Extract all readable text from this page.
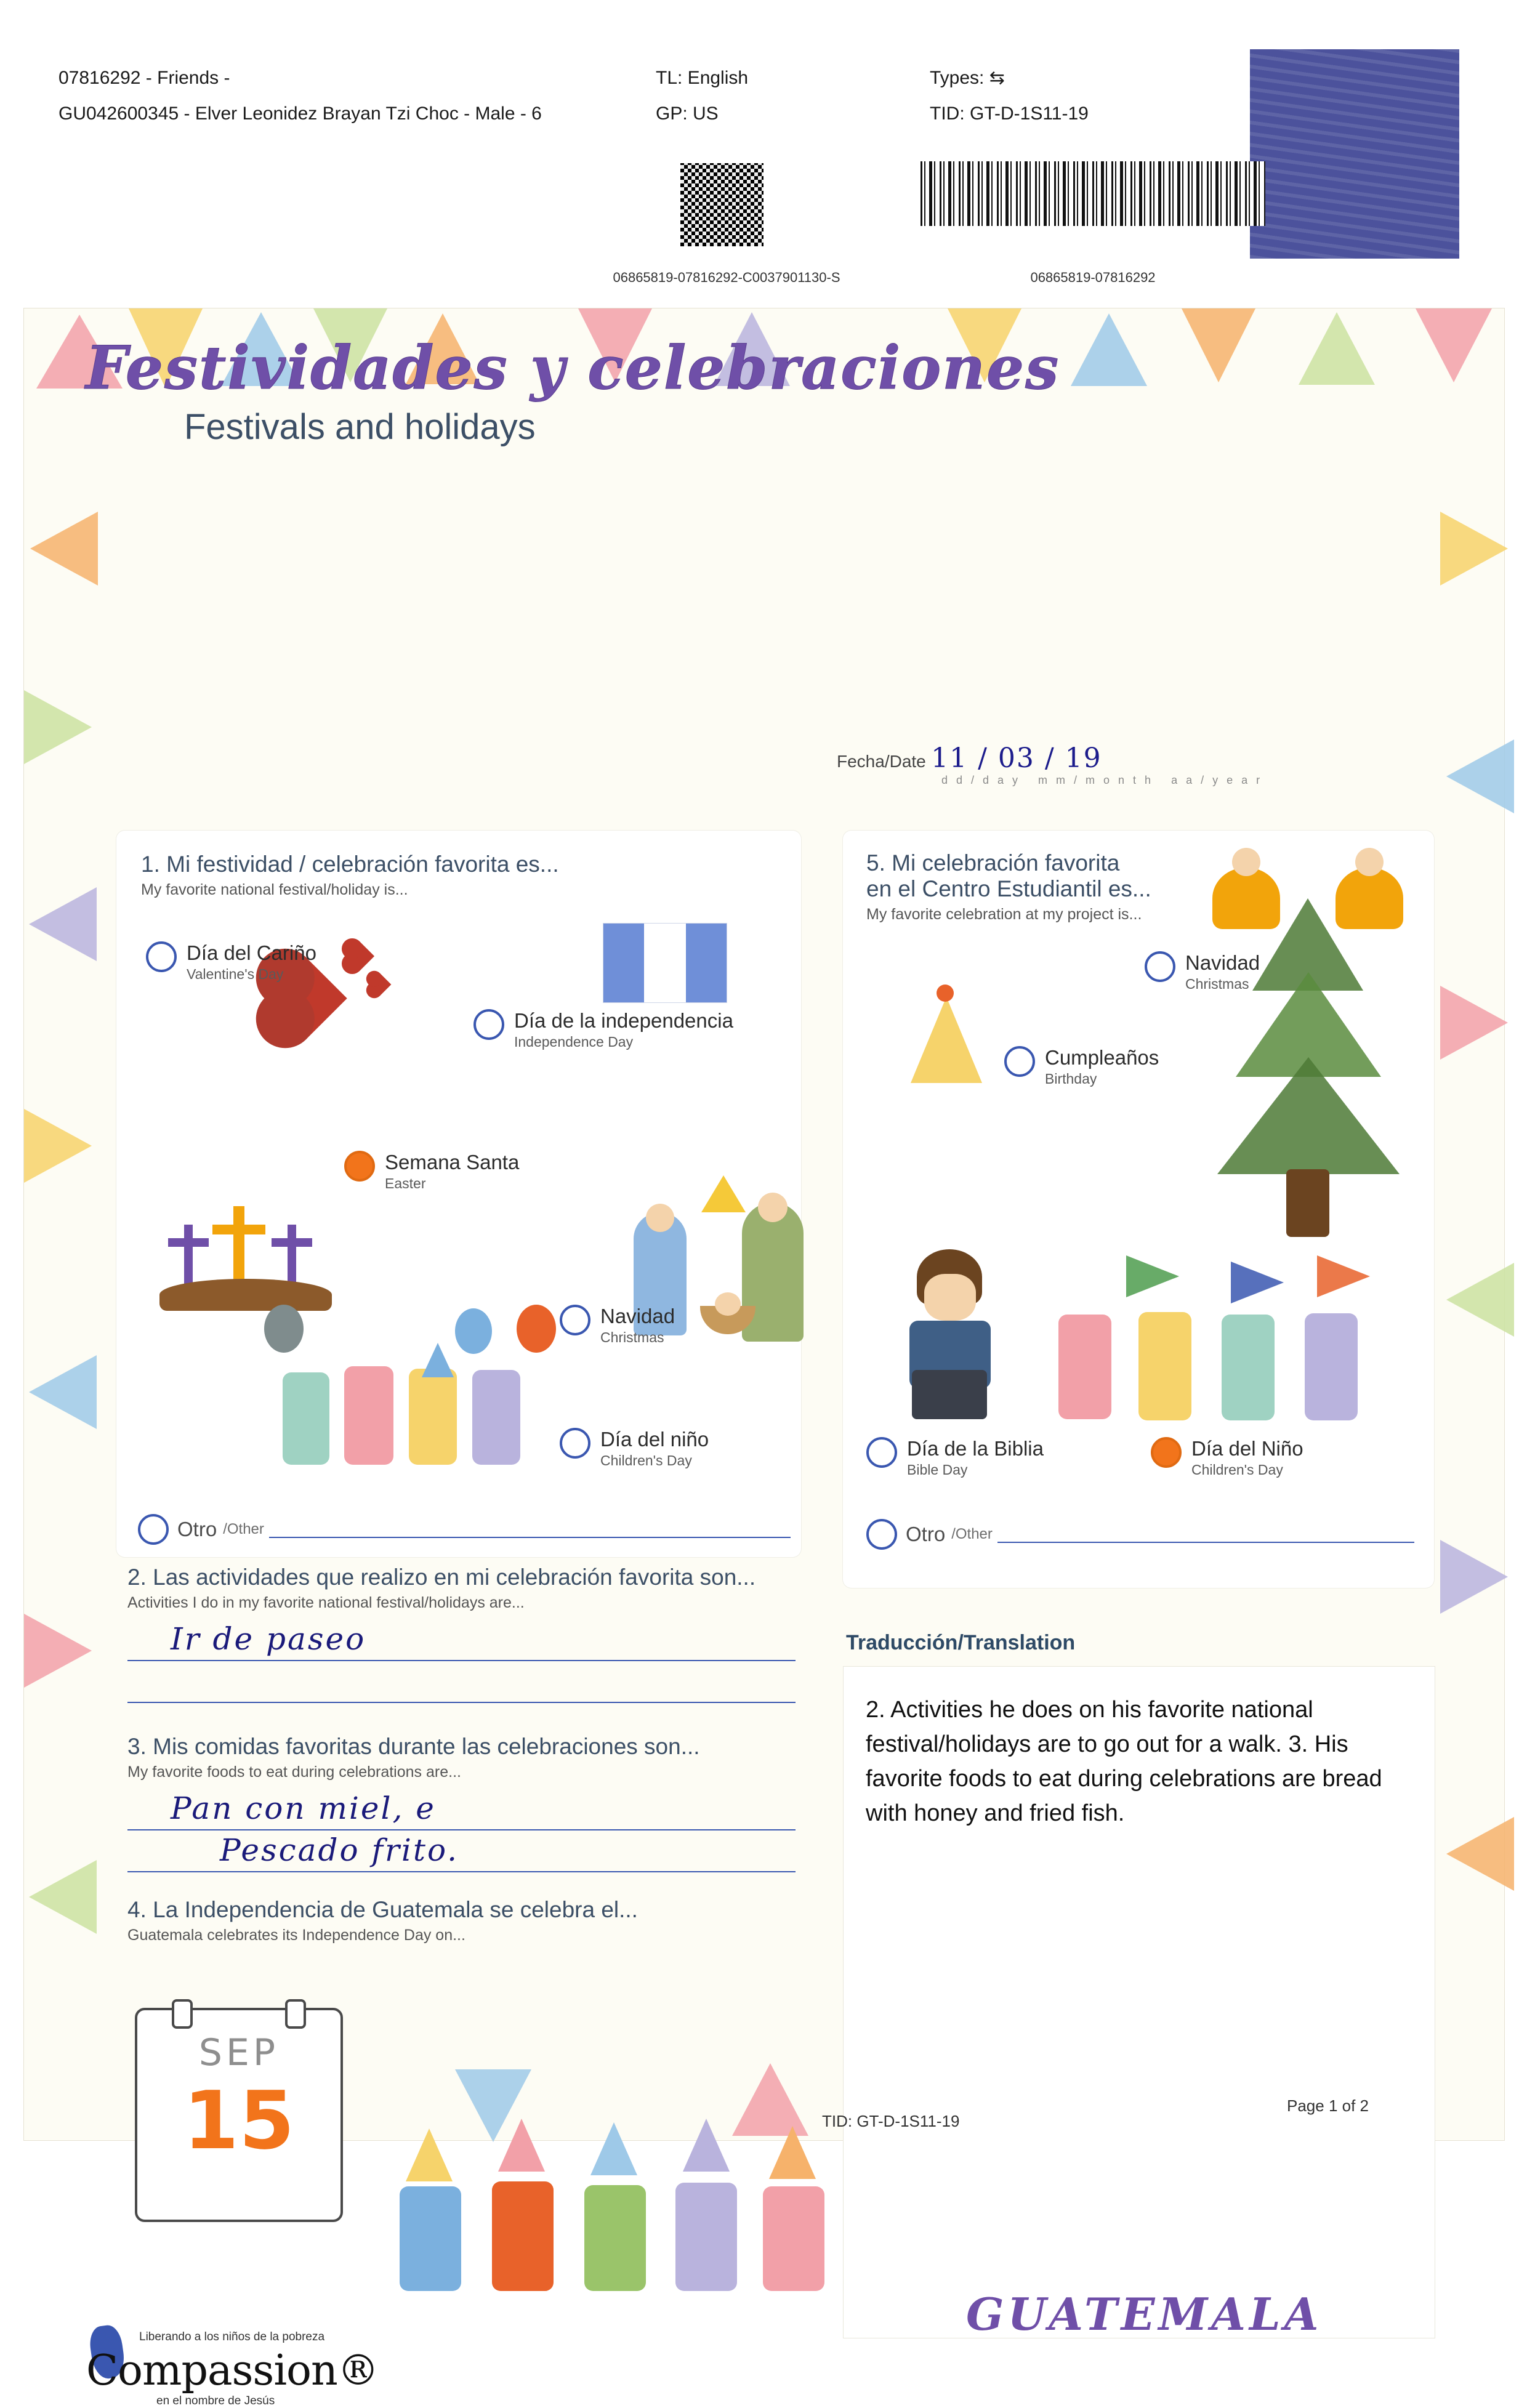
07816292 - Friends -
GU042600345 - Elver Leonidez Brayan Tzi Choc - Male - 6
TL: English
GP: US
Types: ⇆
TID: GT-D-1S11-19
06865819-07816292-C0037901130-S	06865819-07816292
Festividades y celebraciones
Festivals and holidays
Fecha/Date 11 / 03 / 19
dd/day mm/month aa/year
1. Mi festividad / celebración favorita es...
My favorite national festival/holiday is...
Día del Cariño
Valentine's Day
Día de la independencia
Independence Day
Semana Santa
Easter
Navidad
Christmas
Día del niño
Children's Day
Otro /Other
5. Mi celebración favorita
en el Centro Estudiantil es...
My favorite celebration at my project is...
Navidad
Christmas
Cumpleaños
Birthday
Día de la Biblia
Bible Day
Día del Niño
Children's Day
Otro /Other
2. Las actividades que realizo en mi celebración favorita son...
Activities I do in my favorite national festival/holidays are...
Ir de paseo
3. Mis comidas favoritas durante las celebraciones son...
My favorite foods to eat during celebrations are...
Pan con miel, e
Pescado frito.
4. La Independencia de Guatemala se celebra el...
Guatemala celebrates its Independence Day on...
SEP
15
Traducción/Translation
2. Activities he does on his favorite national festival/holidays are to go out for a walk. 3. His favorite foods to eat during celebrations are bread with honey and fried fish.
GUATEMALA
Liberando a los niños de la pobreza
Compassion®
en el nombre de Jesús
TID: GT-D-1S11-19
Page 1 of 2
